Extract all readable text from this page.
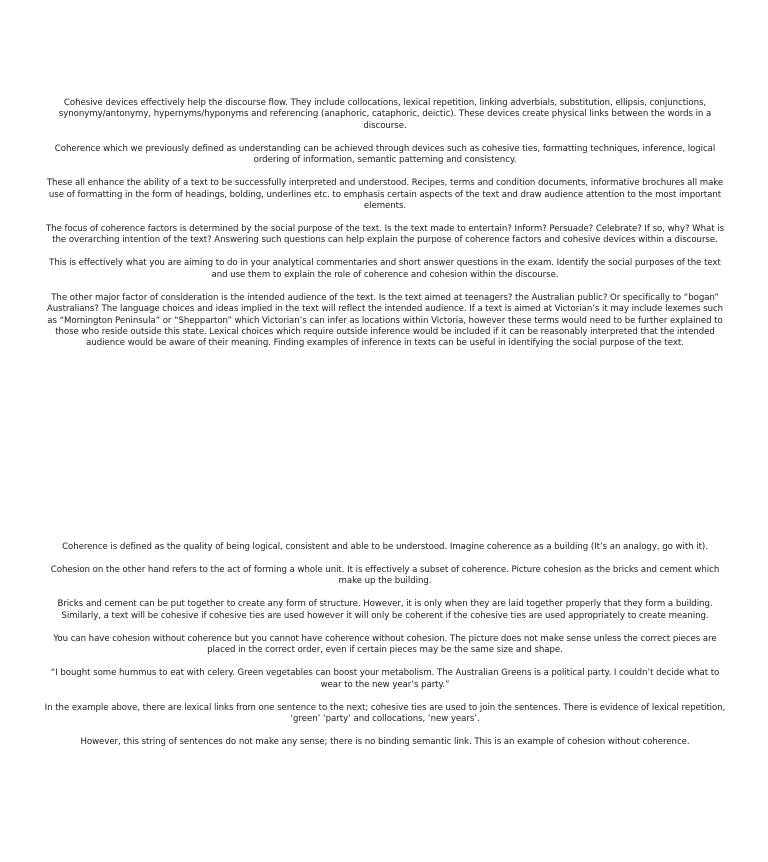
Cohesive devices effectively help the discourse flow. They include collocations, lexical repetition, linking adverbials, substitution, ellipsis, conjunctions, synonymy/antonymy, hypernyms/hyponyms and referencing (anaphoric, cataphoric, deictic). These devices create physical links between the words in a discourse.

Coherence which we previously defined as understanding can be achieved through devices such as cohesive ties, formatting techniques, inference, logical ordering of information, semantic patterning and consistency.

These all enhance the ability of a text to be successfully interpreted and understood. Recipes, terms and condition documents, informative brochures all make use of formatting in the form of headings, bolding, underlines etc. to emphasis certain aspects of the text and draw audience attention to the most important elements.

The focus of coherence factors is determined by the social purpose of the text. Is the text made to entertain? Inform? Persuade? Celebrate? If so, why? What is the overarching intention of the text? Answering such questions can help explain the purpose of coherence factors and cohesive devices within a discourse.

This is effectively what you are aiming to do in your analytical commentaries and short answer questions in the exam. Identify the social purposes of the text and use them to explain the role of coherence and cohesion within the discourse.

The other major factor of consideration is the intended audience of the text. Is the text aimed at teenagers? the Australian public? Or specifically to “bogan” Australians? The language choices and ideas implied in the text will reflect the intended audience. If a text is aimed at Victorian’s it may include lexemes such as “Mornington Peninsula” or “Shepparton” which Victorian’s can infer as locations within Victoria, however these terms would need to be further explained to those who reside outside this state. Lexical choices which require outside inference would be included if it can be reasonably interpreted that the intended audience would be aware of their meaning. Finding examples of inference in texts can be useful in identifying the social purpose of the text.

Coherence is defined as the quality of being logical, consistent and able to be understood. Imagine coherence as a building (It’s an analogy, go with it).

Cohesion on the other hand refers to the act of forming a whole unit. It is effectively a subset of coherence. Picture cohesion as the bricks and cement which make up the building.

Bricks and cement can be put together to create any form of structure. However, it is only when they are laid together properly that they form a building. Similarly, a text will be cohesive if cohesive ties are used however it will only be coherent if the cohesive ties are used appropriately to create meaning.

You can have cohesion without coherence but you cannot have coherence without cohesion. The picture does not make sense unless the correct pieces are placed in the correct order, even if certain pieces may be the same size and shape.

“I bought some hummus to eat with celery. Green vegetables can boost your metabolism. The Australian Greens is a political party. I couldn’t decide what to wear to the new year’s party.”

In the example above, there are lexical links from one sentence to the next; cohesive ties are used to join the sentences. There is evidence of lexical repetition, ‘green’ ‘party’ and collocations, ‘new years’.

However, this string of sentences do not make any sense; there is no binding semantic link. This is an example of cohesion without coherence.
